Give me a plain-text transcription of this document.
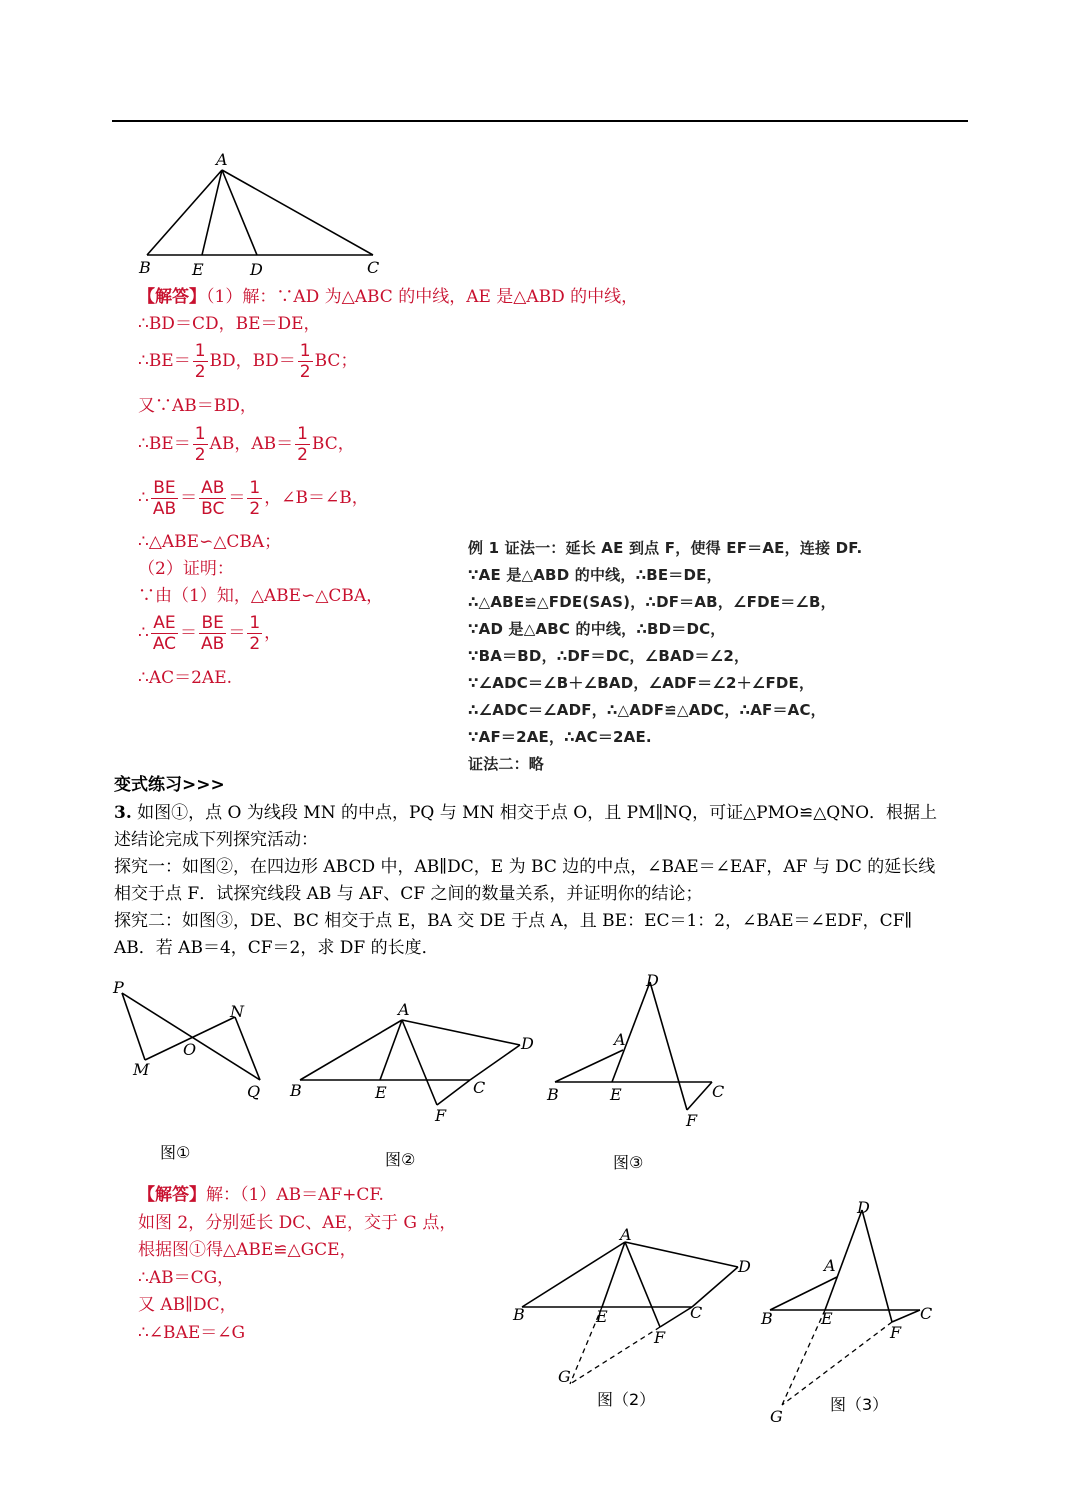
A
B	E	D	C
【解答】（1）解：∵AD 为△ABC 的中线，AE 是△ABD 的中线，
∴BD＝CD，BE＝DE，
∴BE＝ $\frac{1}{2}$ BD，$BD= \frac{1}{2}$ BC；
又∵AB＝BD，
∴BE＝ $\frac{1}{2}$ AB，$AB= \frac{1}{2}$ BC，
∴ $\frac{BE}{AB} = \frac{AB}{BC} = \frac{1}{2}$ ，∠B＝∠B，
∴△ABE∽△CBA；
（2）证明：
∵由（1）知，△ABE∽△CBA，
∴ $\frac{AE}{AC} = \frac{BE}{AB} = \frac{1}{2}$ ，
∴AC＝2AE.
例 1 证法一：延长 AE 到点 F，使得 EF＝AE，连接 DF.
∵AE 是△ABD 的中线，∴BE＝DE，
∴△ABE≌△FDE(SAS)，∴DF＝AB，∠FDE＝∠B，
∵AD 是△ABC 的中线，∴BD＝DC，
∵BA＝BD，∴DF＝DC，∠BAD＝∠2，
∵∠ADC＝∠B＋∠BAD，∠ADF＝∠2＋∠FDE，
∴∠ADC＝∠ADF，∴△ADF≌△ADC，∴AF＝AC，
∵AF＝2AE，∴AC＝2AE.
证法二：略
变式练习>>>
3. 如图①，点 O 为线段 MN 的中点，PQ 与 MN 相交于点 O，且 PM∥NQ，可证△PMO≌△QNO．根据上
述结论完成下列探究活动：
探究一：如图②，在四边形 ABCD 中，AB∥DC，E 为 BC 边的中点，∠BAE＝∠EAF，AF 与 DC 的延长线
相交于点 F．试探究线段 AB 与 AF、CF 之间的数量关系，并证明你的结论；
探究二：如图③，DE、BC 相交于点 E，BA 交 DE 于点 A，且 BE：EC＝1：2，∠BAE＝∠EDF，CF∥
AB．若 AB＝4，CF＝2，求 DF 的长度．
P
M
O
N
Q
图①
A
B	E	C
D
F
图②
D
A
B	E	C
F
图③
【解答】解：（1）AB＝AF+CF.
如图 2，分别延长 DC、AE，交于 G 点，
根据图①得△ABE≌△GCE，
∴AB＝CG，
又 AB∥DC，
∴∠BAE＝∠G
A
B	E	C
D
F
G
图（2）
D
A
B	E	C
F
G
图（3）
